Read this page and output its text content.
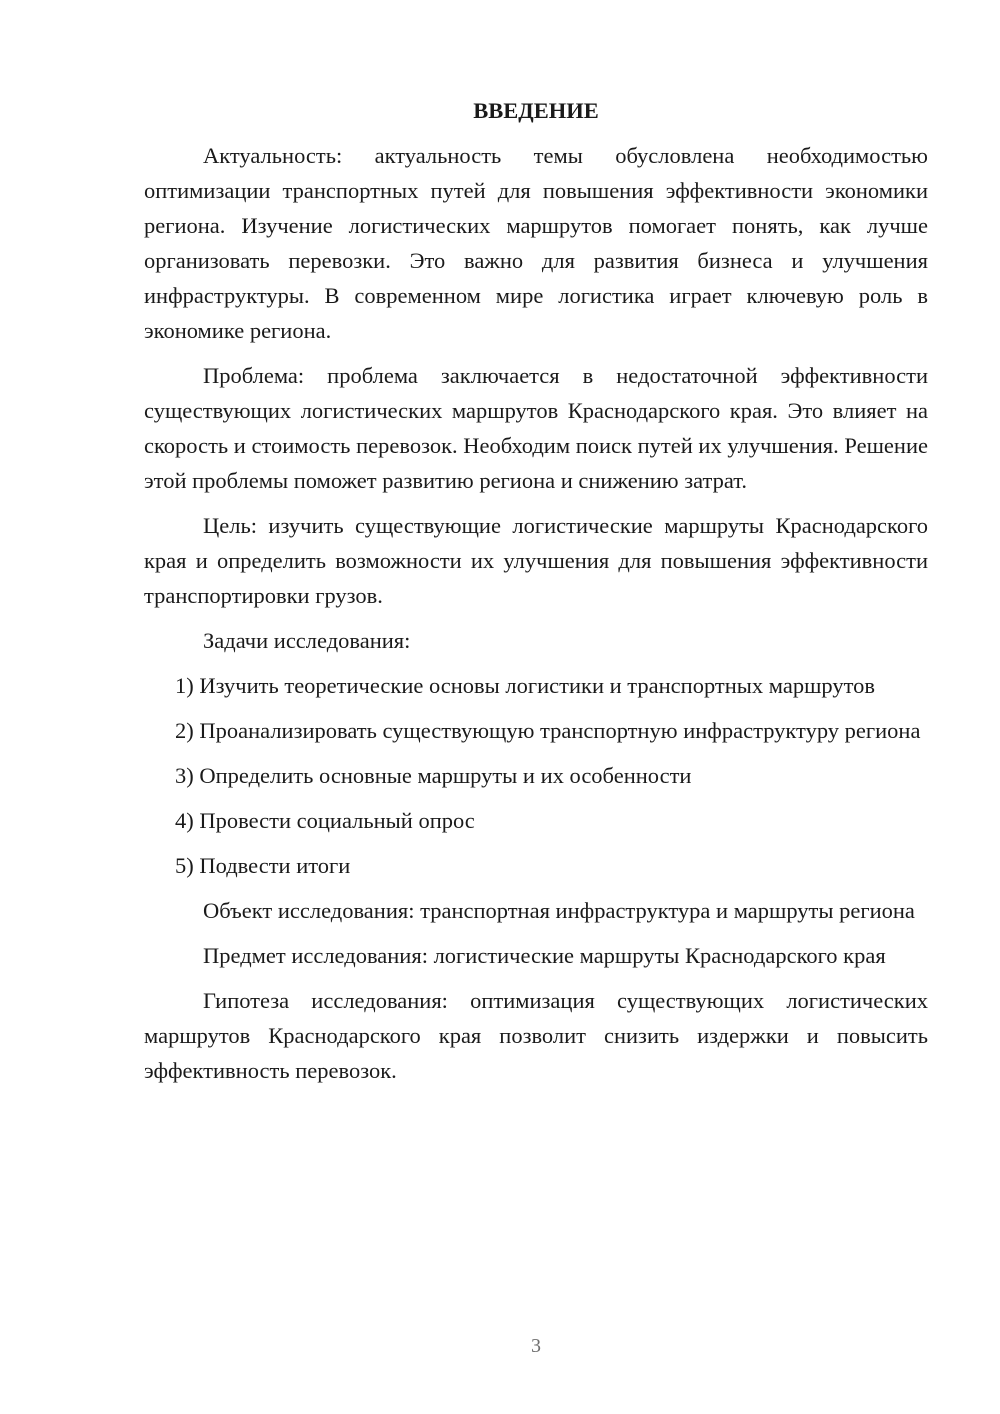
ВВЕДЕНИЕ

Актуальность: актуальность темы обусловлена необходимостью оптимизации транспортных путей для повышения эффективности экономики региона. Изучение логистических маршрутов помогает понять, как лучше организовать перевозки. Это важно для развития бизнеса и улучшения инфраструктуры. В современном мире логистика играет ключевую роль в экономике региона.

Проблема: проблема заключается в недостаточной эффективности существующих логистических маршрутов Краснодарского края. Это влияет на скорость и стоимость перевозок. Необходим поиск путей их улучшения. Решение этой проблемы поможет развитию региона и снижению затрат.

Цель: изучить существующие логистические маршруты Краснодарского края и определить возможности их улучшения для повышения эффективности транспортировки грузов.

Задачи исследования:

1) Изучить теоретические основы логистики и транспортных маршрутов

2) Проанализировать существующую транспортную инфраструктуру региона

3) Определить основные маршруты и их особенности

4) Провести социальный опрос

5) Подвести итоги

Объект исследования: транспортная инфраструктура и маршруты региона

Предмет исследования: логистические маршруты Краснодарского края

Гипотеза исследования: оптимизация существующих логистических маршрутов Краснодарского края позволит снизить издержки и повысить эффективность перевозок.

3
